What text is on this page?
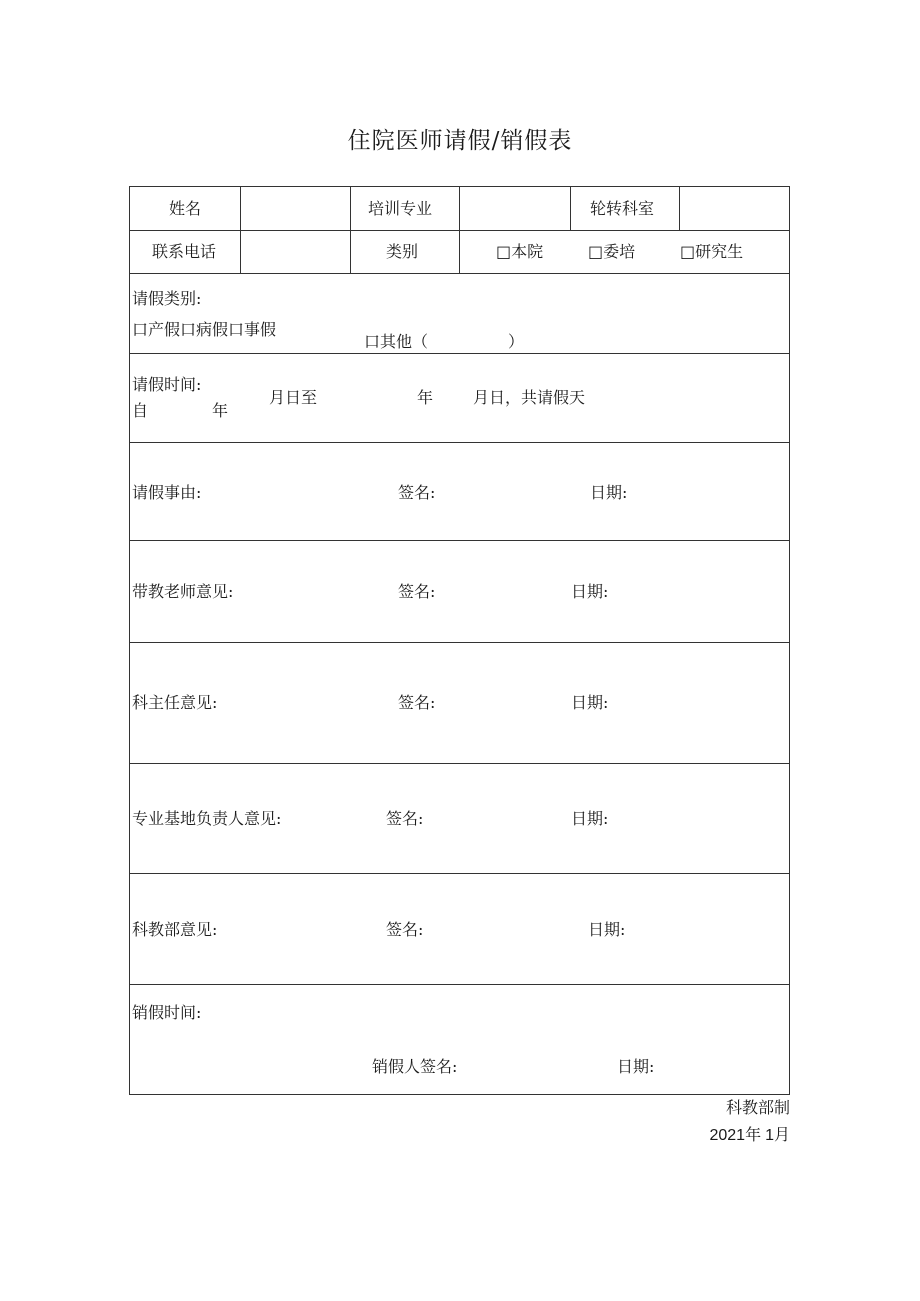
住院医师请假/销假表
姓名	培训专业	轮转科室
联系电话	类别	□本院	□委培	□研究生
请假类别:
口产假口病假口事假
口其他（　　　　　）
请假时间:
自	年
月日至	年 月日，共请假天
请假事由:	签名:	日期:
带教老师意见:	签名:	日期:
科主任意见:	签名:	日期:
专业基地负责人意见:	签名:	日期:
科教部意见:	签名:	日期:
销假时间:
销假人签名:	日期:
科教部制
2021年 1月
